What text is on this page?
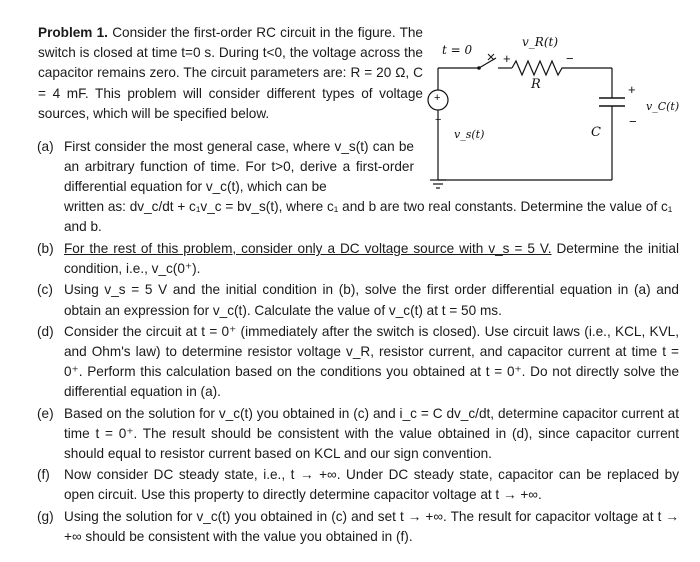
Problem 1. Consider the first-order RC circuit in the figure. The switch is closed at time t=0 s. During t<0, the voltage across the capacitor remains zero. The circuit parameters are: R = 20 Ω, C = 4 mF. This problem will consider different types of voltage sources, which will be specified below.
t = 0
+	−
v_R(t)
R	+
−
C
v_C(t)
+
−
v_s(t)
(a) First consider the most general case, where v_s(t) can be an arbitrary function of time. For t>0, derive a first-order differential equation for v_c(t), which can be
written as: dv_c/dt + c₁v_c = bv_s(t), where c₁ and b are two real constants. Determine the value of c₁ and b.
(b) For the rest of this problem, consider only a DC voltage source with v_s = 5 V. Determine the initial condition, i.e., v_c(0⁺).
(c) Using v_s = 5 V and the initial condition in (b), solve the first order differential equation in (a) and obtain an expression for v_c(t). Calculate the value of v_c(t) at t = 50 ms.
(d) Consider the circuit at t = 0⁺ (immediately after the switch is closed). Use circuit laws (i.e., KCL, KVL, and Ohm's law) to determine resistor voltage v_R, resistor current, and capacitor current at time t = 0⁺. Perform this calculation based on the conditions you obtained at t = 0⁺. Do not directly solve the differential equation in (a).
(e) Based on the solution for v_c(t) you obtained in (c) and i_c = C dv_c/dt, determine capacitor current at time t = 0⁺. The result should be consistent with the value obtained in (d), since capacitor current should equal to resistor current based on KCL and our sign convention.
(f) Now consider DC steady state, i.e., t → +∞. Under DC steady state, capacitor can be replaced by open circuit. Use this property to directly determine capacitor voltage at t → +∞.
(g) Using the solution for v_c(t) you obtained in (c) and set t → +∞. The result for capacitor voltage at t → +∞ should be consistent with the value you obtained in (f).
